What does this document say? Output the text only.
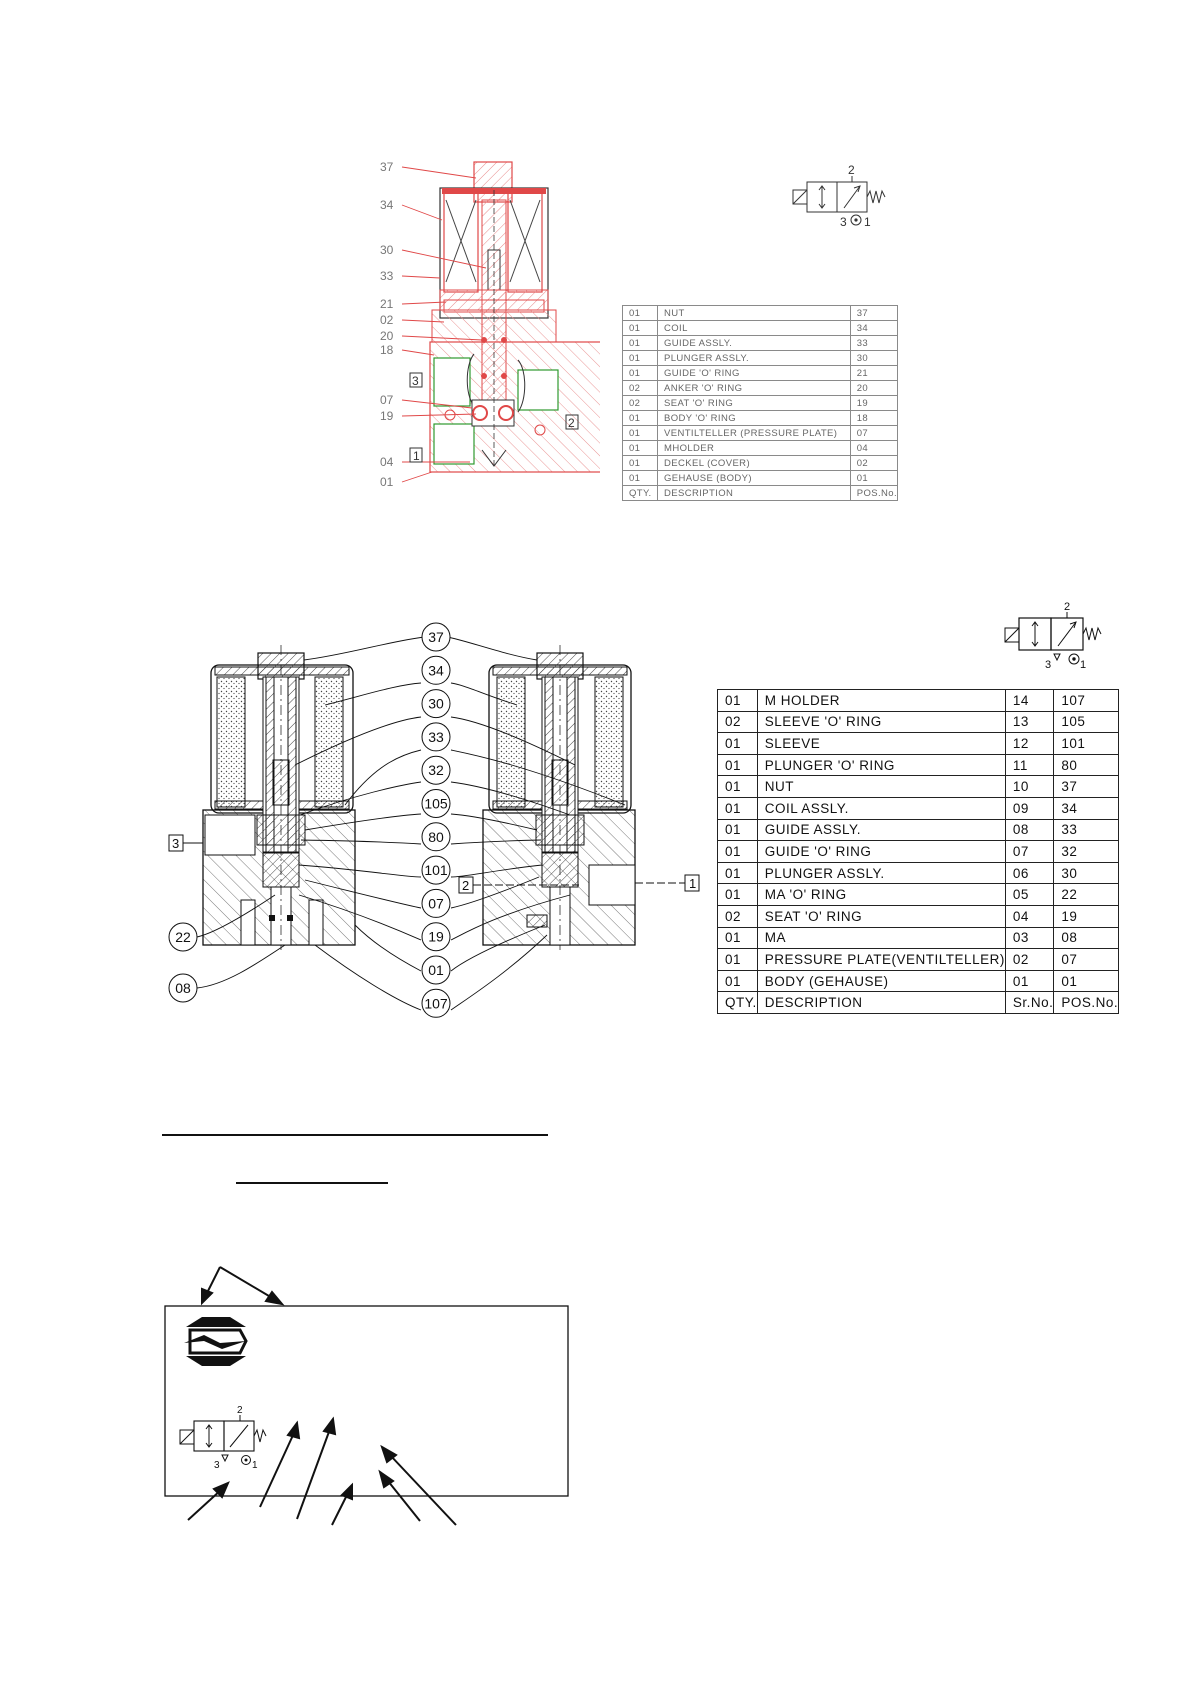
37
34
30
33
21
02
20
18
07
19
04
01
3
2
1
2
3 1
01	NUT	37
01	COIL	34
01	GUIDE ASSLY.	33
01	PLUNGER ASSLY.	30
01	GUIDE 'O' RING	21
02	ANKER 'O' RING	20
02	SEAT 'O' RING	19
01	BODY 'O' RING	18
01	VENTILTELLER (PRESSURE PLATE)	07
01	MHOLDER	04
01	DECKEL (COVER)	02
01	GEHAUSE (BODY)	01
QTY.	DESCRIPTION	POS.No.
37
34
30
33
32
105
80
101
07
19
01
107
22
08
3
2	1
2
3	1
01	M HOLDER	14	107
02	SLEEVE 'O' RING	13	105
01	SLEEVE	12	101
01	PLUNGER 'O' RING	11	80
01	NUT	10	37
01	COIL ASSLY.	09	34
01	GUIDE ASSLY.	08	33
01	GUIDE 'O' RING	07	32
01	PLUNGER ASSLY.	06	30
01	MA 'O' RING	05	22
02	SEAT 'O' RING	04	19
01	MA	03	08
01	PRESSURE PLATE(VENTILTELLER)	02	07
01	BODY (GEHAUSE)	01	01
QTY.	DESCRIPTION	Sr.No.	POS.No.
2
3	1
